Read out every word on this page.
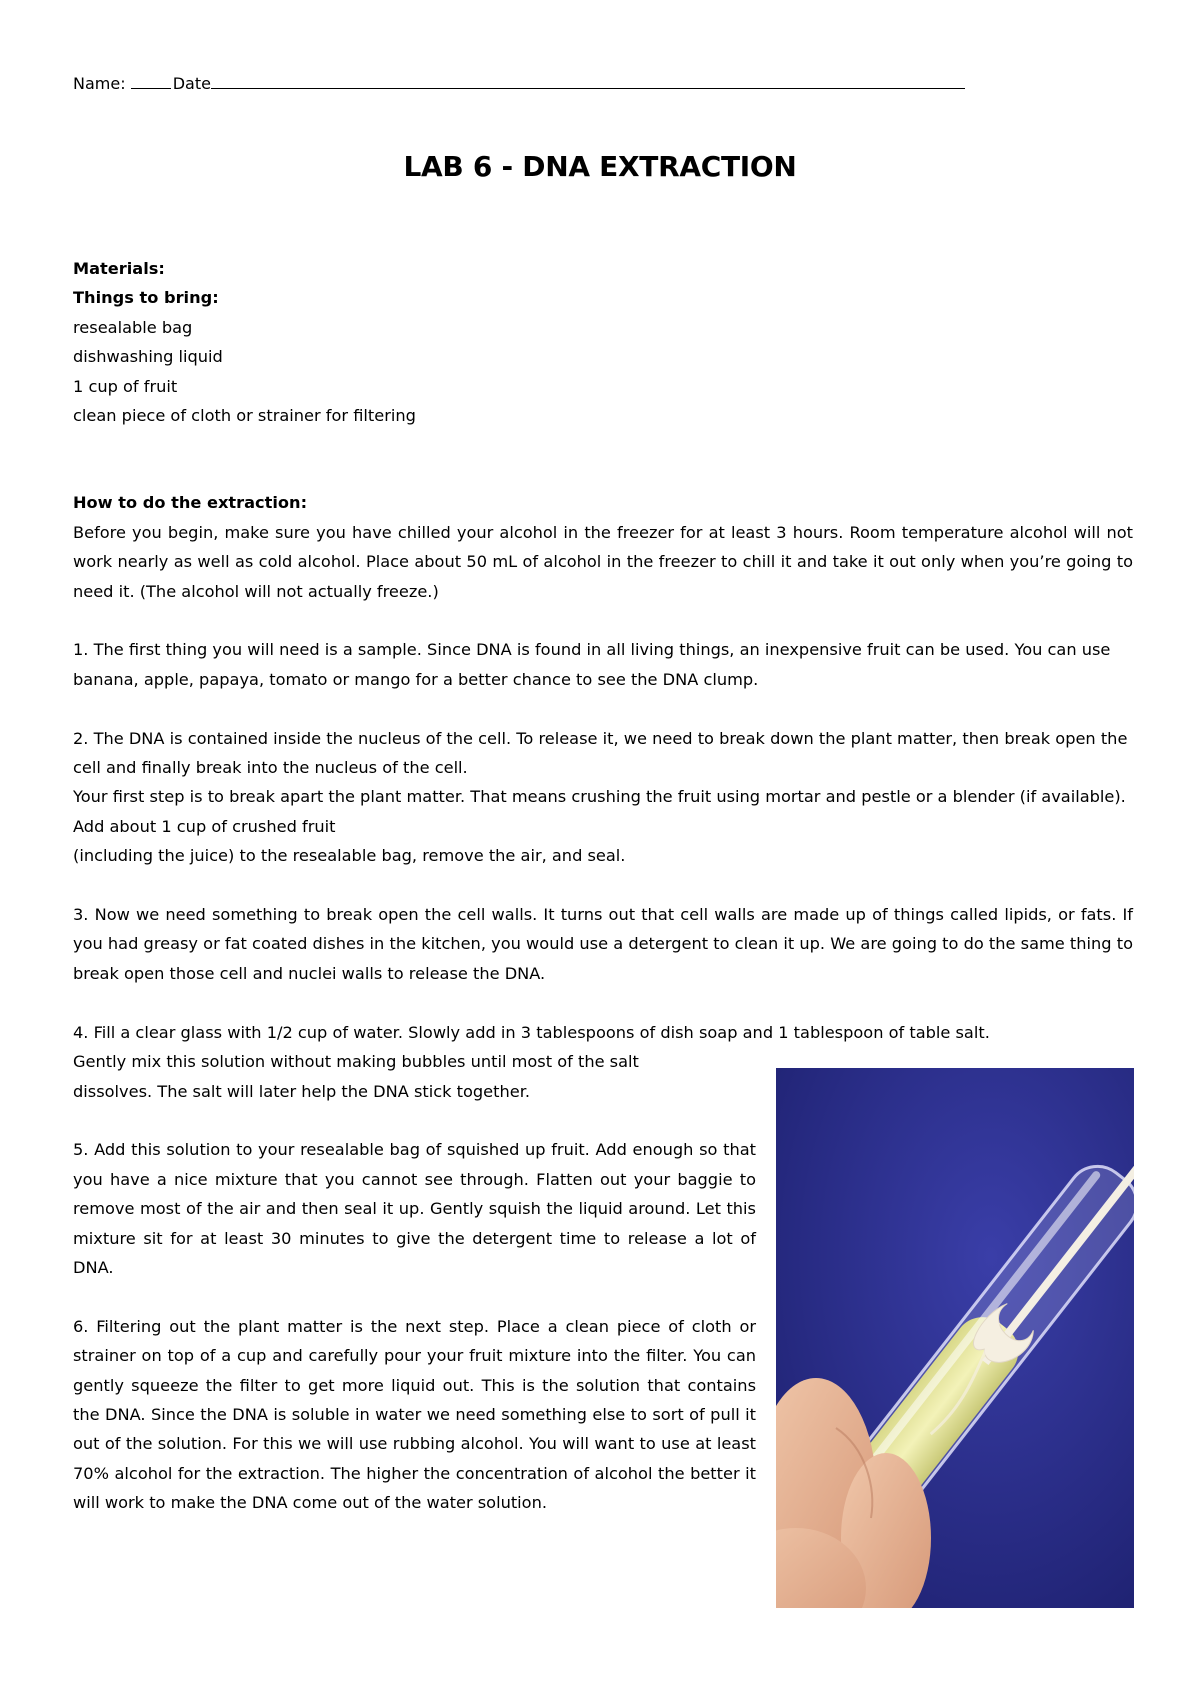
Name:	Date
LAB 6 - DNA EXTRACTION

Materials:

Things to bring:

resealable bag

dishwashing liquid

1 cup of fruit

clean piece of cloth or strainer for filtering

How to do the extraction:

Before you begin, make sure you have chilled your alcohol in the freezer for at least 3 hours. Room temperature alcohol will not work nearly as well as cold alcohol. Place about 50 mL of alcohol in the freezer to chill it and take it out only when you’re going to need it. (The alcohol will not actually freeze.)

1. The first thing you will need is a sample. Since DNA is found in all living things, an inexpensive fruit can be used. You can use banana, apple, papaya, tomato or mango for a better chance to see the DNA clump.

2. The DNA is contained inside the nucleus of the cell. To release it, we need to break down the plant matter, then break open the cell and finally break into the nucleus of the cell.

Your first step is to break apart the plant matter. That means crushing the fruit using mortar and pestle or a blender (if available). Add about 1 cup of crushed fruit

(including the juice) to the resealable bag, remove the air, and seal.

3. Now we need something to break open the cell walls. It turns out that cell walls are made up of things called lipids, or fats. If you had greasy or fat coated dishes in the kitchen, you would use a detergent to clean it up. We are going to do the same thing to break open those cell and nuclei walls to release the DNA.

4. Fill a clear glass with 1/2 cup of water. Slowly add in 3 tablespoons of dish soap and 1 tablespoon of table salt.

Gently mix this solution without making bubbles until most of the salt

dissolves. The salt will later help the DNA stick together.

5. Add this solution to your resealable bag of squished up fruit. Add enough so that you have a nice mixture that you cannot see through. Flatten out your baggie to remove most of the air and then seal it up. Gently squish the liquid around. Let this mixture sit for at least 30 minutes to give the detergent time to release a lot of DNA.

6. Filtering out the plant matter is the next step. Place a clean piece of cloth or strainer on top of a cup and carefully pour your fruit mixture into the filter. You can gently squeeze the filter to get more liquid out. This is the solution that contains the DNA. Since the DNA is soluble in water we need something else to sort of pull it out of the solution. For this we will use rubbing alcohol. You will want to use at least 70% alcohol for the extraction. The higher the concentration of alcohol the better it will work to make the DNA come out of the water solution.
